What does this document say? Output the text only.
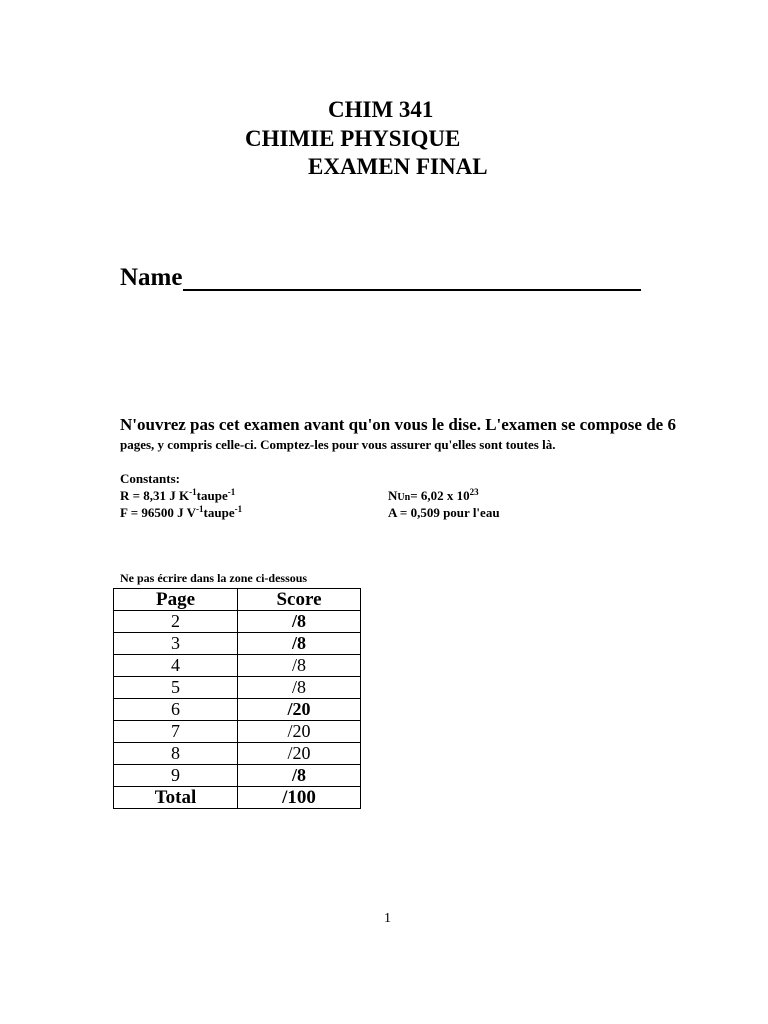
CHIM 341
CHIMIE PHYSIQUE
EXAMEN FINAL
Name
N'ouvrez pas cet examen avant qu'on vous le dise. L'examen se compose de 6
pages, y compris celle-ci. Comptez-les pour vous assurer qu'elles sont toutes là.
Constants:
R = 8,31 J $K^{-1}taupe^{-1}$
F = 96500 J $V^{-1}taupe^{-1}$
NUn= 6,02 x $10^{23}$
A = 0,509 pour l'eau
Ne pas écrire dans la zone ci-dessous
Page	Score
2	/8
3	/8
4	/8
5	/8
6	/20
7	/20
8	/20
9	/8
Total	/100
1
